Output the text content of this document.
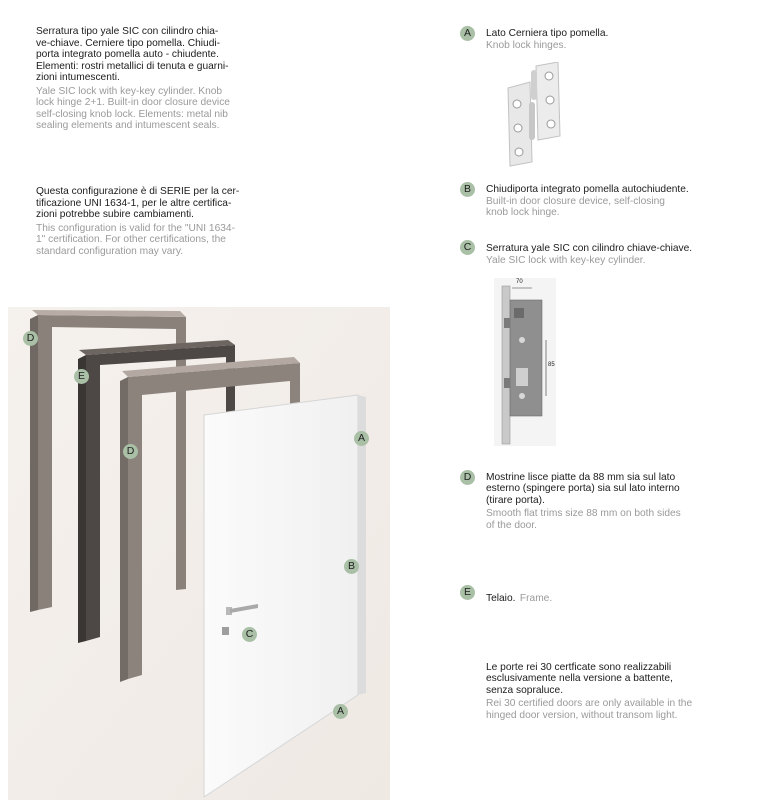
Serratura tipo yale SIC con cilindro chia-

ve-chiave. Cerniere tipo pomella. Chiudi-

porta integrato pomella auto - chiudente.

Elementi: rostri metallici di tenuta e guarni-

zioni intumescenti.

Yale SIC lock with key-key cylinder. Knob

lock hinge 2+1. Built-in door closure device

self-closing knob lock. Elements: metal nib

sealing elements and intumescent seals.

Questa configurazione è di SERIE per la cer-

tificazione UNI 1634-1, per le altre certifica-

zioni potrebbe subire cambiamenti.

This configuration is valid for the "UNI 1634-

1" certification. For other certifications, the

standard configuration may vary.

D
E
D
A
B
C
A
A	Lato Cerniera tipo pomella.
Knob lock hinges.
B	Chiudiporta integrato pomella autochiudente.
Built-in door closure device, self-closing
knob lock hinge.
C	Serratura yale SIC con cilindro chiave-chiave.
Yale SIC lock with key-key cylinder.
70
85
D	Mostrine lisce piatte da 88 mm sia sul lato
esterno (spingere porta) sia sul lato interno
(tirare porta).
Smooth flat trims size 88 mm on both sides
of the door.
E
Telaio. Frame.
Le porte rei 30 certficate sono realizzabili
esclusivamente nella versione a battente,
senza sopraluce.
Rei 30 certified doors are only available in the
hinged door version, without transom light.
